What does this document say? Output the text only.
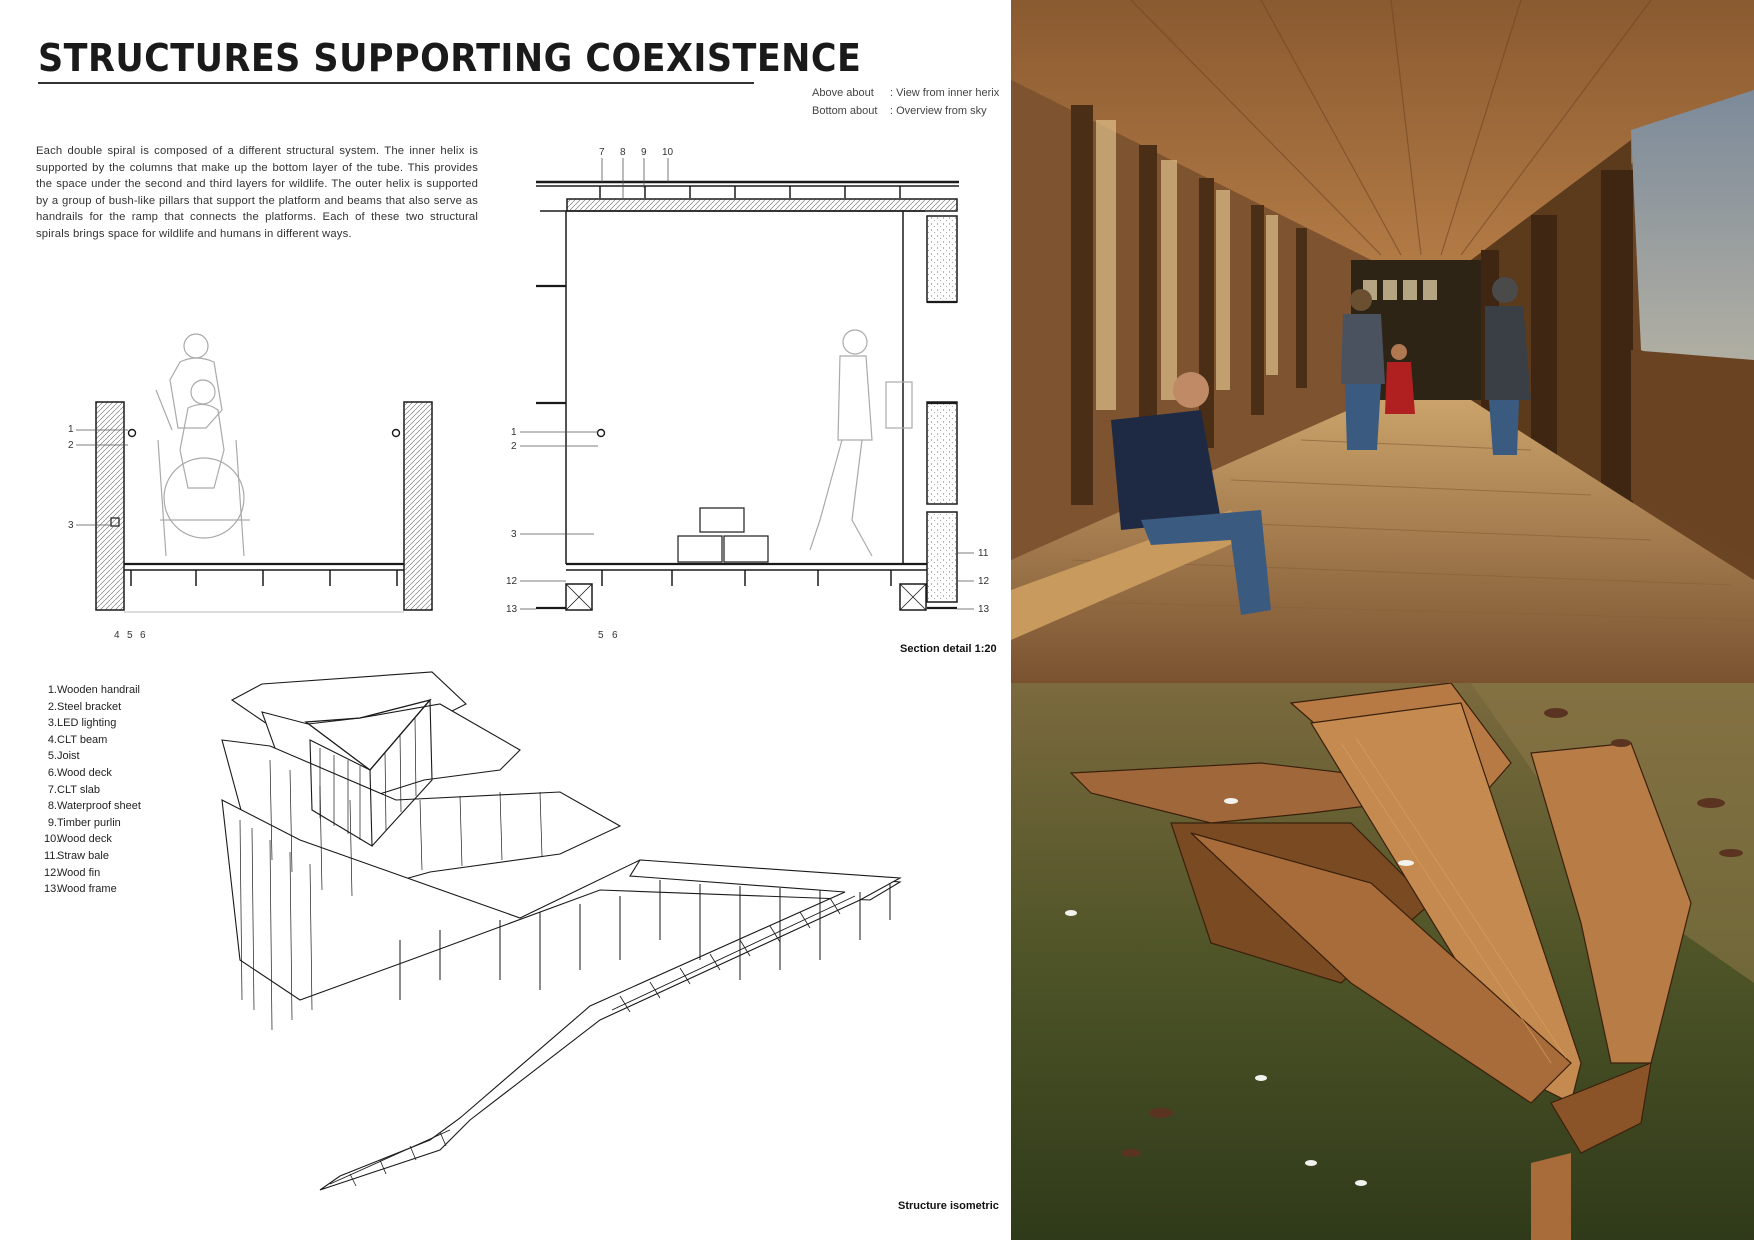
STRUCTURES SUPPORTING COEXISTENCE
Above about : View from inner herix
Bottom about : Overview from sky
Each double spiral is composed of a different structural system. The inner helix is supported by the columns that make up the bottom layer of the tube. This provides the space under the second and third layers for wildlife. The outer helix is supported by a group of bush-like pillars that support the platform and beams that also serve as handrails for the ramp that connects the platforms. Each of these two structural spirals brings space for wildlife and humans in different ways.
1
2
3
4 5 6
7 8 9 10
1
2
3
12
13
11
12
13
5 6
Section detail 1:20
1.Wooden handrail
2.Steel bracket
3.LED lighting
4.CLT beam
5.Joist
6.Wood deck
7.CLT slab
8.Waterproof sheet
9.Timber purlin
10.Wood deck
11.Straw bale
12.Wood fin
13.Wood frame
Structure isometric
